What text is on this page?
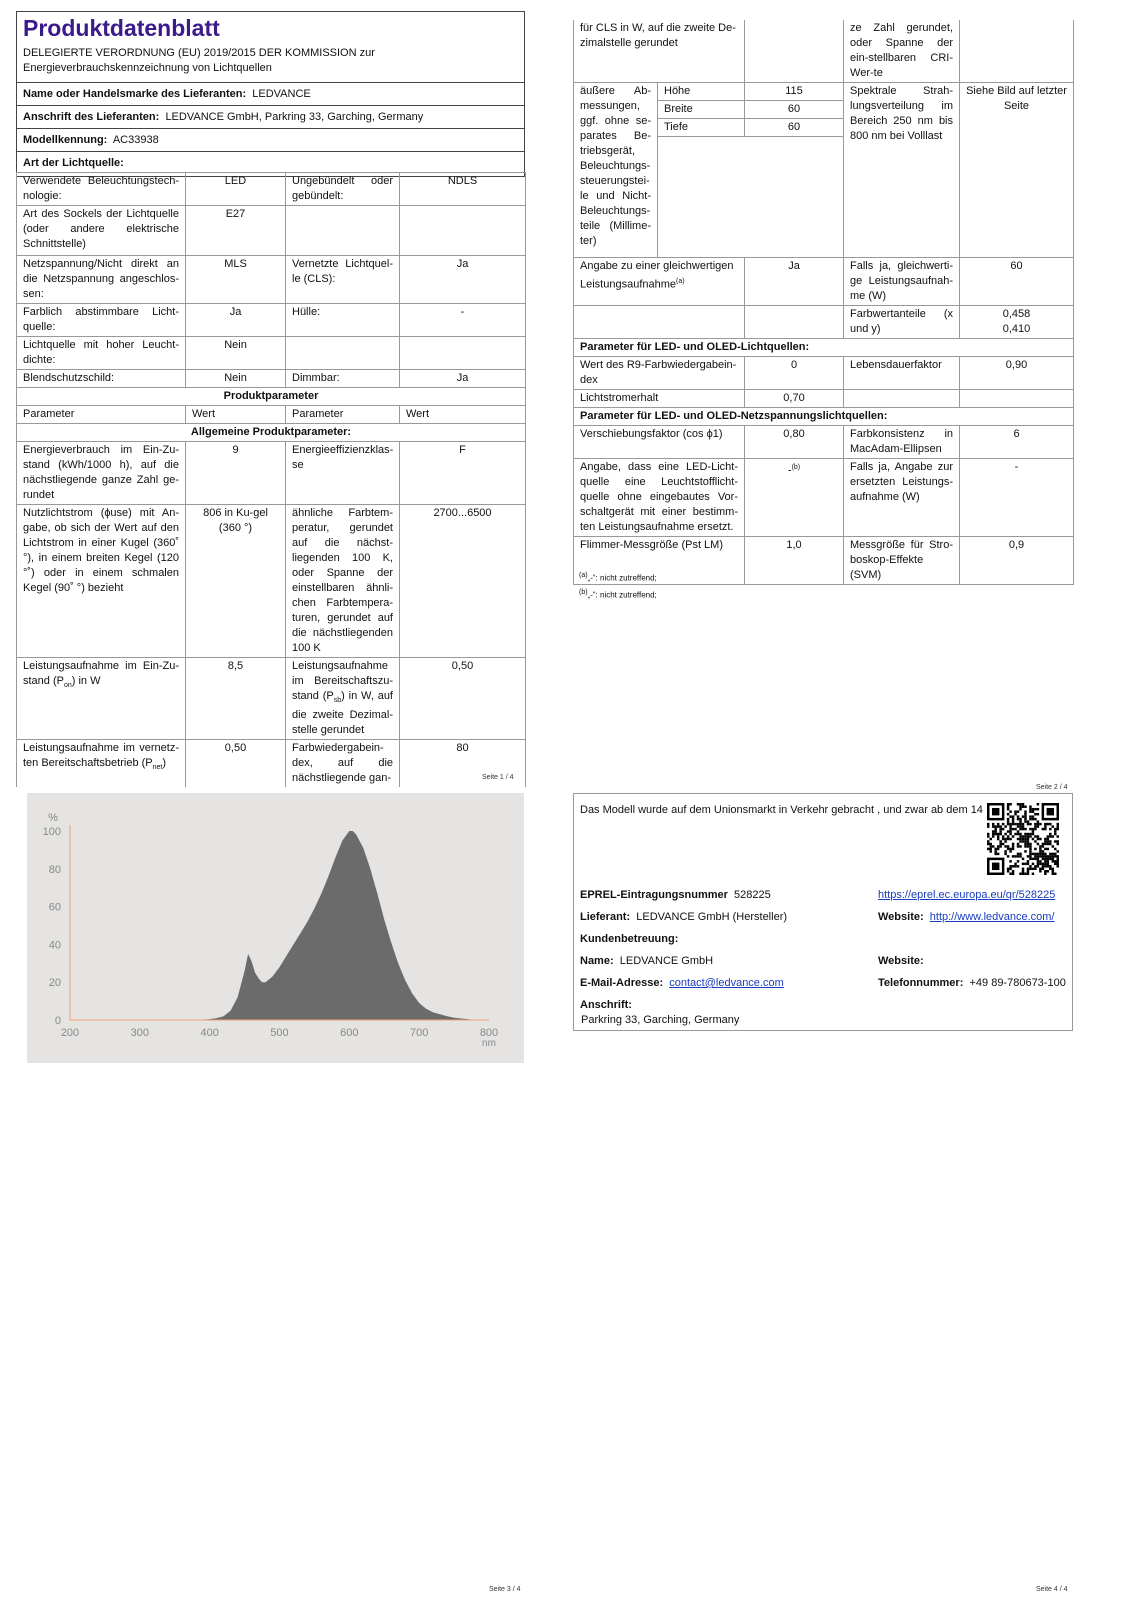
Produktdatenblatt
DELEGIERTE VERORDNUNG (EU) 2019/2015 DER KOMMISSION zur
Energieverbrauchskennzeichnung von Lichtquellen
Name oder Handelsmarke des Lieferanten: LEDVANCE
Anschrift des Lieferanten: LEDVANCE GmbH, Parkring 33, Garching, Germany
Modellkennung: AC33938
Art der Lichtquelle:
Verwendete Beleuchtungstech-nologie:	LED	Ungebündelt oder gebündelt:	NDLS
Art des Sockels der Lichtquelle (oder andere elektrische Schnittstelle)	E27		
Netzspannung/Nicht direkt an die Netzspannung angeschlos-sen:	MLS	Vernetzte Lichtquel-le (CLS):	Ja
Farblich abstimmbare Licht-quelle:	Ja	Hülle:	-
Lichtquelle mit hoher Leucht-dichte:	Nein		
Blendschutzschild:	Nein	Dimmbar:	Ja
Produktparameter			
Parameter	Wert	Parameter	Wert
Allgemeine Produktparameter:			
Energieverbrauch im Ein-Zu-stand (kWh/1000 h), auf die nächstliegende ganze Zahl ge-rundet	9	Energieeffizienzklas-se	F
Nutzlichtstrom (ɸuse) mit An-gabe, ob sich der Wert auf den Lichtstrom in einer Kugel (360˚ °), in einem breiten Kegel (120 °˚) oder in einem schmalen Kegel (90˚ °) bezieht	806 in Ku-gel (360 °)	ähnliche Farbtem-peratur, gerundet auf die nächst-liegenden 100 K, oder Spanne der einstellbaren ähnli-chen Farbtempera-turen, gerundet auf die nächstliegenden 100 K	2700...6500
Leistungsaufnahme im Ein-Zu-stand $(P_{on})$ in W	8,5	Leistungsaufnahme im Bereitschaftszu-stand $(P_{sb})$ in W, auf die zweite Dezimal-stelle gerundet	0,50
Leistungsaufnahme im vernetz-ten Bereitschaftsbetrieb $(P_{net})$	0,50	Farbwiedergabein-dex, auf die nächstliegende gan-	80
Seite 1 / 4
für CLS in W, auf die zweite De-zimalstelle gerundet			ze Zahl gerundet, oder Spanne der ein-stellbaren CRI-Wer-te	
äußere Ab-messungen, ggf. ohne se-parates Be-triebsgerät, Beleuchtungs-steuerungstei-le und Nicht-Beleuchtungs-teile (Millime-ter)	Höhe	115	Spektrale Strah-lungsverteilung im Bereich 250 nm bis 800 nm bei Volllast	Siehe Bild auf letzter Seite
	Breite	60		
	Tiefe	60		

Angabe zu einer gleichwertigen Leistungsaufnahme$^{(a)}$		Ja	Falls ja, gleichwerti-ge Leistungsaufnah-me (W)	60
			Farbwertanteile (x und y)	0,458
0,410

Parameter für LED- und OLED-Lichtquellen:				
Wert des R9-Farbwiedergabein-dex		0	Lebensdauerfaktor	0,90
Lichtstromerhalt		0,70		
Parameter für LED- und OLED-Netzspannungslichtquellen:				
Verschiebungsfaktor (cos ϕ1)		0,80	Farbkonsistenz in MacAdam-Ellipsen	6
Angabe, dass eine LED-Licht-quelle eine Leuchtstofflicht-quelle ohne eingebautes Vor-schaltgerät mit einer bestimm-ten Leistungsaufnahme ersetzt.		-$^{(b)}$	Falls ja, Angabe zur ersetzten Leistungs-aufnahme (W)	-
Flimmer-Messgröße (Pst LM)		1,0	Messgröße für Stro-boskop-Effekte (SVM)	0,9
$^{(a)}$„-“: nicht zutreffend;
$^{(b)}$„-“: nicht zutreffend;
Seite 2 / 4
0
20
40
60
80
100
200	300	400	500	600	700	800
%
nm
Seite 3 / 4
Das Modell wurde auf dem Unionsmarkt in Verkehr gebracht , und zwar ab dem 14
EPREL-Eintragungsnummer 528225	https://eprel.ec.europa.eu/qr/528225
Lieferant: LEDVANCE GmbH (Hersteller)	Website: http://www.ledvance.com/
Kundenbetreuung:
Name: LEDVANCE GmbH	Website:
E-Mail-Adresse: contact@ledvance.com	Telefonnummer: +49 89-780673-100
Anschrift:
Parkring 33, Garching, Germany
Seite 4 / 4
